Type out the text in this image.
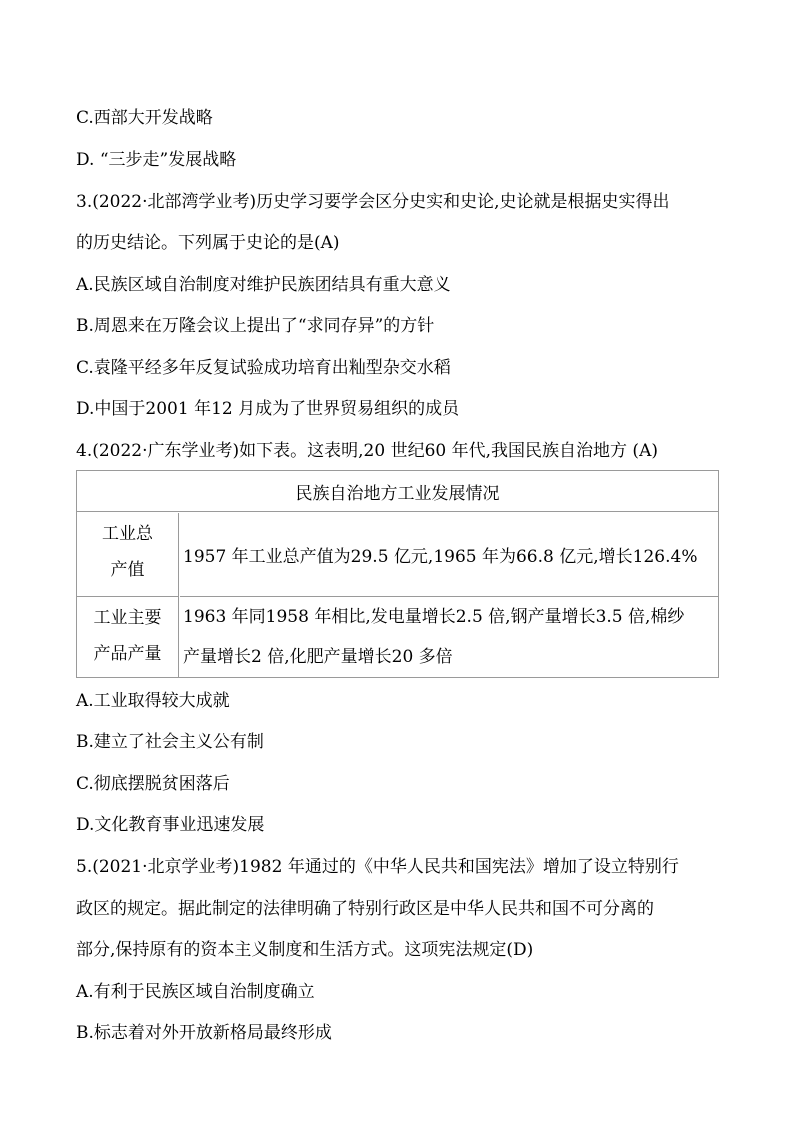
C.西部大开发战略

D. “三步走”发展战略

3.(2022·北部湾学业考)历史学习要学会区分史实和史论,史论就是根据史实得出

的历史结论。下列属于史论的是(A)

A.民族区域自治制度对维护民族团结具有重大意义

B.周恩来在万隆会议上提出了“求同存异”的方针

C.袁隆平经多年反复试验成功培育出籼型杂交水稻

D.中国于2001 年12 月成为了世界贸易组织的成员

4.(2022·广东学业考)如下表。这表明,20 世纪60 年代,我国民族自治地方 (A)

民族自治地方工业发展情况
工业总
产值
1957 年工业总产值为29.5 亿元,1965 年为66.8 亿元,增长126.4%
工业主要
产品产量
1963 年同1958 年相比,发电量增长2.5 倍,钢产量增长3.5 倍,棉纱
产量增长2 倍,化肥产量增长20 多倍

A.工业取得较大成就

B.建立了社会主义公有制

C.彻底摆脱贫困落后

D.文化教育事业迅速发展

5.(2021·北京学业考)1982 年通过的《中华人民共和国宪法》增加了设立特别行

政区的规定。据此制定的法律明确了特别行政区是中华人民共和国不可分离的

部分,保持原有的资本主义制度和生活方式。这项宪法规定(D)

A.有利于民族区域自治制度确立

B.标志着对外开放新格局最终形成
